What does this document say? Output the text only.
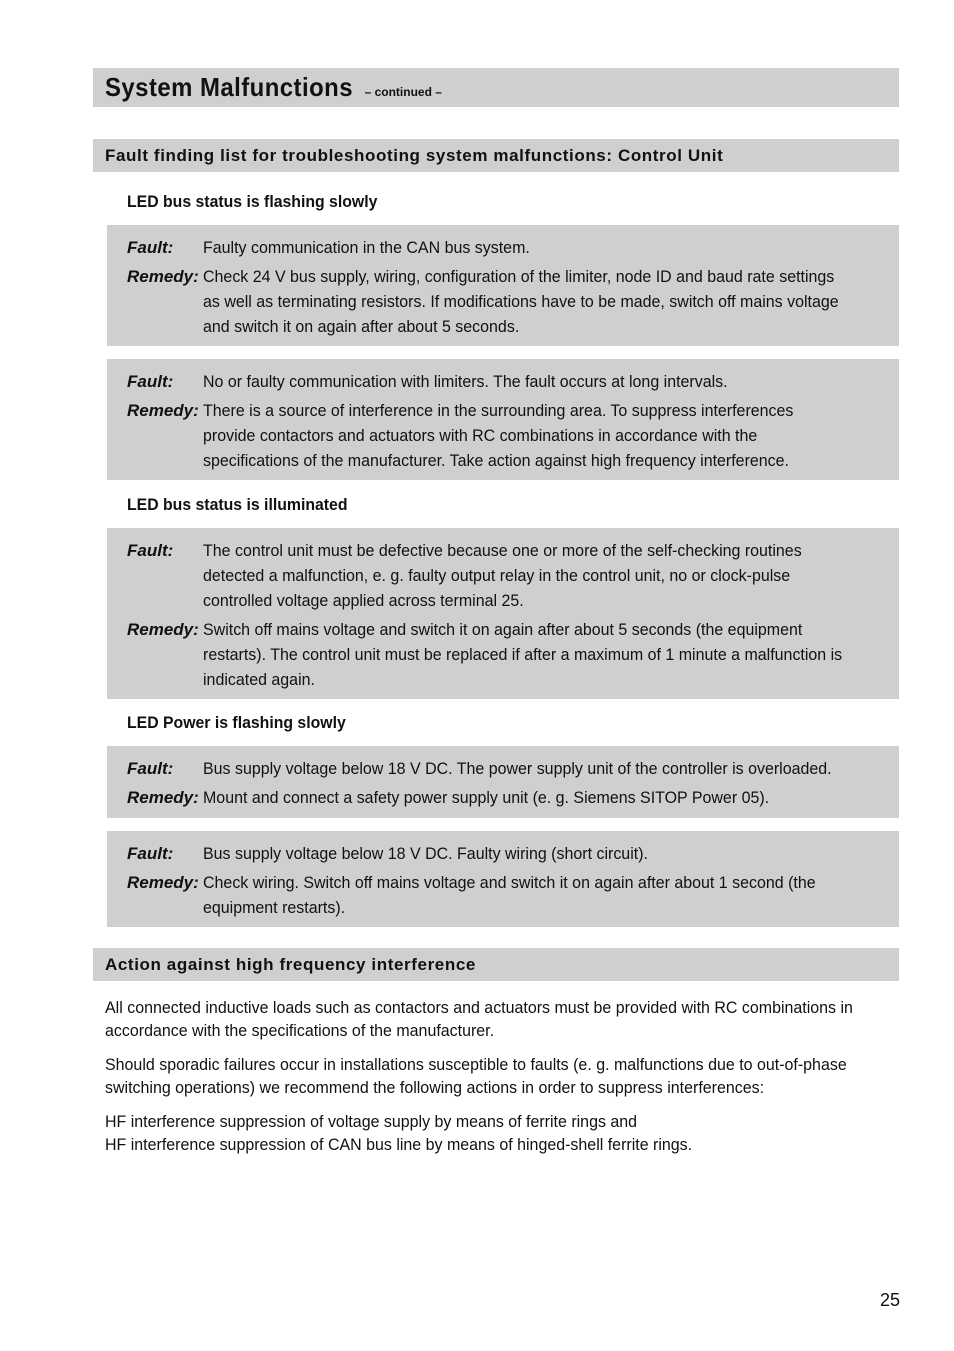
System Malfunctions – continued –
Fault finding list for troubleshooting system malfunctions: Control Unit
LED bus status is flashing slowly
Fault:	Faulty communication in the CAN bus system.
Remedy: Check 24 V bus supply, wiring, configuration of the limiter, node ID and baud rate settings as well as terminating resistors. If modifications have to be made, switch off mains voltage and switch it on again after about 5 seconds.
Fault:	No or faulty communication with limiters. The fault occurs at long intervals.
Remedy: There is a source of interference in the surrounding area. To suppress interferences provide contactors and actuators with RC combinations in accordance with the specifications of the manufacturer. Take action against high frequency interference.
LED bus status is illuminated
Fault:	The control unit must be defective because one or more of the self-checking routines detected a malfunction, e. g. faulty output relay in the control unit, no or clock-pulse controlled voltage applied across terminal 25.
Remedy: Switch off mains voltage and switch it on again after about 5 seconds (the equipment restarts). The control unit must be replaced if after a maximum of 1 minute a malfunction is indicated again.
LED Power is flashing slowly
Fault:	Bus supply voltage below 18 V DC. The power supply unit of the controller is overloaded.
Remedy: Mount and connect a safety power supply unit (e. g. Siemens SITOP Power 05).
Fault:	Bus supply voltage below 18 V DC. Faulty wiring (short circuit).
Remedy: Check wiring. Switch off mains voltage and switch it on again after about 1 second (the equipment restarts).
Action against high frequency interference
All connected inductive loads such as contactors and actuators must be provided with RC combinations in accordance with the specifications of the manufacturer.
Should sporadic failures occur in installations susceptible to faults (e. g. malfunctions due to out-of-phase switching operations) we recommend the following actions in order to suppress interferences:
HF interference suppression of voltage supply by means of ferrite rings and
HF interference suppression of CAN bus line by means of hinged-shell ferrite rings.
25
